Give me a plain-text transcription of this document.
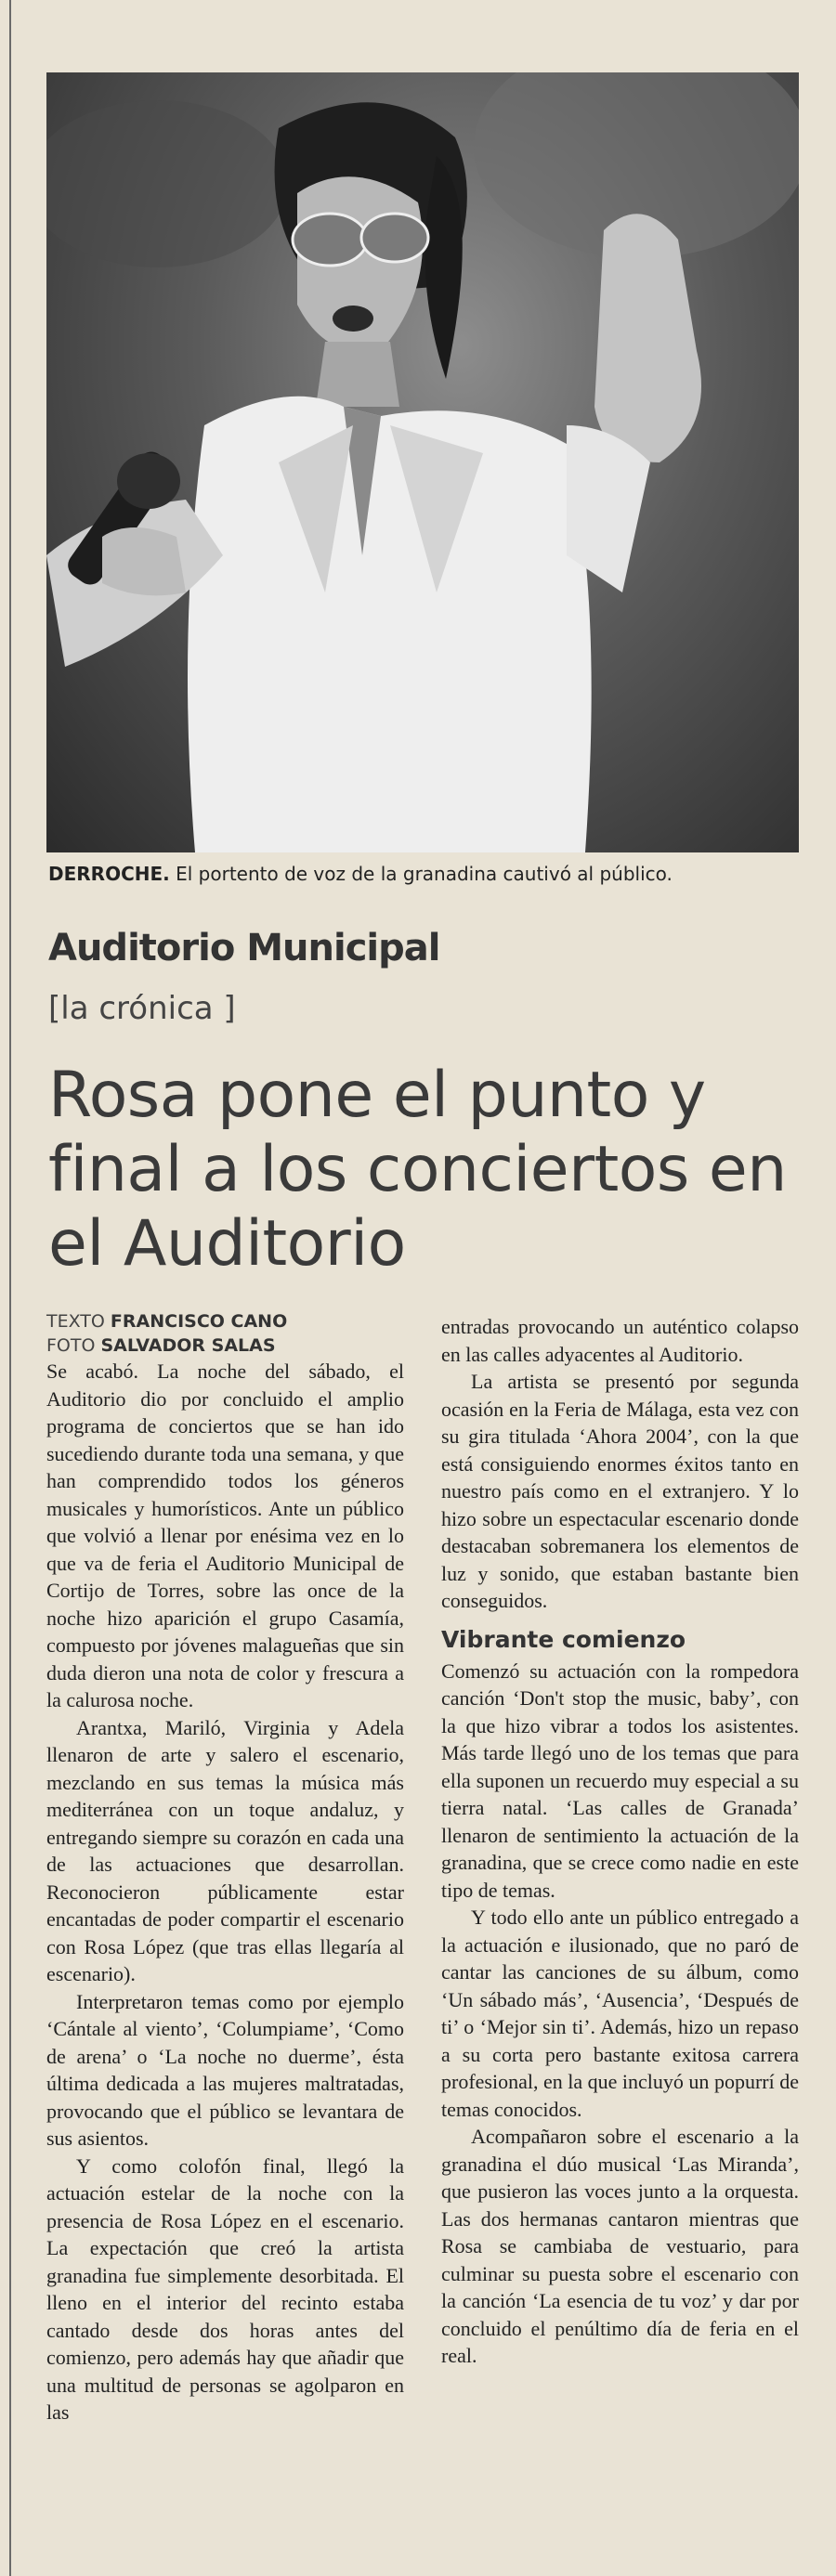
DERROCHE. El portento de voz de la granadina cautivó al público.
Auditorio Municipal
[la crónica ]
Rosa pone el punto y final a los conciertos en el Auditorio
TEXTO FRANCISCO CANO
FOTO SALVADOR SALAS

Se acabó. La noche del sábado, el Auditorio dio por concluido el amplio programa de conciertos que se han ido sucediendo durante toda una semana, y que han comprendido todos los géneros musicales y humorísticos. Ante un público que volvió a llenar por enésima vez en lo que va de feria el Auditorio Municipal de Cortijo de Torres, sobre las once de la noche hizo aparición el grupo Casamía, compuesto por jóvenes malagueñas que sin duda dieron una nota de color y frescura a la calurosa noche.

Arantxa, Mariló, Virginia y Adela llenaron de arte y salero el escenario, mezclando en sus temas la música más mediterránea con un toque andaluz, y entregando siempre su corazón en cada una de las actuaciones que desarrollan. Reconocieron públicamente estar encantadas de poder compartir el escenario con Rosa López (que tras ellas llegaría al escenario).

Interpretaron temas como por ejemplo ‘Cántale al viento’, ‘Columpiame’, ‘Como de arena’ o ‘La noche no duerme’, ésta última dedicada a las mujeres maltratadas, provocando que el público se levantara de sus asientos.

Y como colofón final, llegó la actuación estelar de la noche con la presencia de Rosa López en el escenario. La expectación que creó la artista granadina fue simplemente desorbitada. El lleno en el interior del recinto estaba cantado desde dos horas antes del comienzo, pero además hay que añadir que una multitud de personas se agolparon en las

entradas provocando un auténtico colapso en las calles adyacentes al Auditorio.

La artista se presentó por segunda ocasión en la Feria de Málaga, esta vez con su gira titulada ‘Ahora 2004’, con la que está consiguiendo enormes éxitos tanto en nuestro país como en el extranjero. Y lo hizo sobre un espectacular escenario donde destacaban sobremanera los elementos de luz y sonido, que estaban bastante bien conseguidos.

Vibrante comienzo

Comenzó su actuación con la rompedora canción ‘Don't stop the music, baby’, con la que hizo vibrar a todos los asistentes. Más tarde llegó uno de los temas que para ella suponen un recuerdo muy especial a su tierra natal. ‘Las calles de Granada’ llenaron de sentimiento la actuación de la granadina, que se crece como nadie en este tipo de temas.

Y todo ello ante un público entregado a la actuación e ilusionado, que no paró de cantar las canciones de su álbum, como ‘Un sábado más’, ‘Ausencia’, ‘Después de ti’ o ‘Mejor sin ti’. Además, hizo un repaso a su corta pero bastante exitosa carrera profesional, en la que incluyó un popurrí de temas conocidos.

Acompañaron sobre el escenario a la granadina el dúo musical ‘Las Miranda’, que pusieron las voces junto a la orquesta. Las dos hermanas cantaron mientras que Rosa se cambiaba de vestuario, para culminar su puesta sobre el escenario con la canción ‘La esencia de tu voz’ y dar por concluido el penúltimo día de feria en el real.
